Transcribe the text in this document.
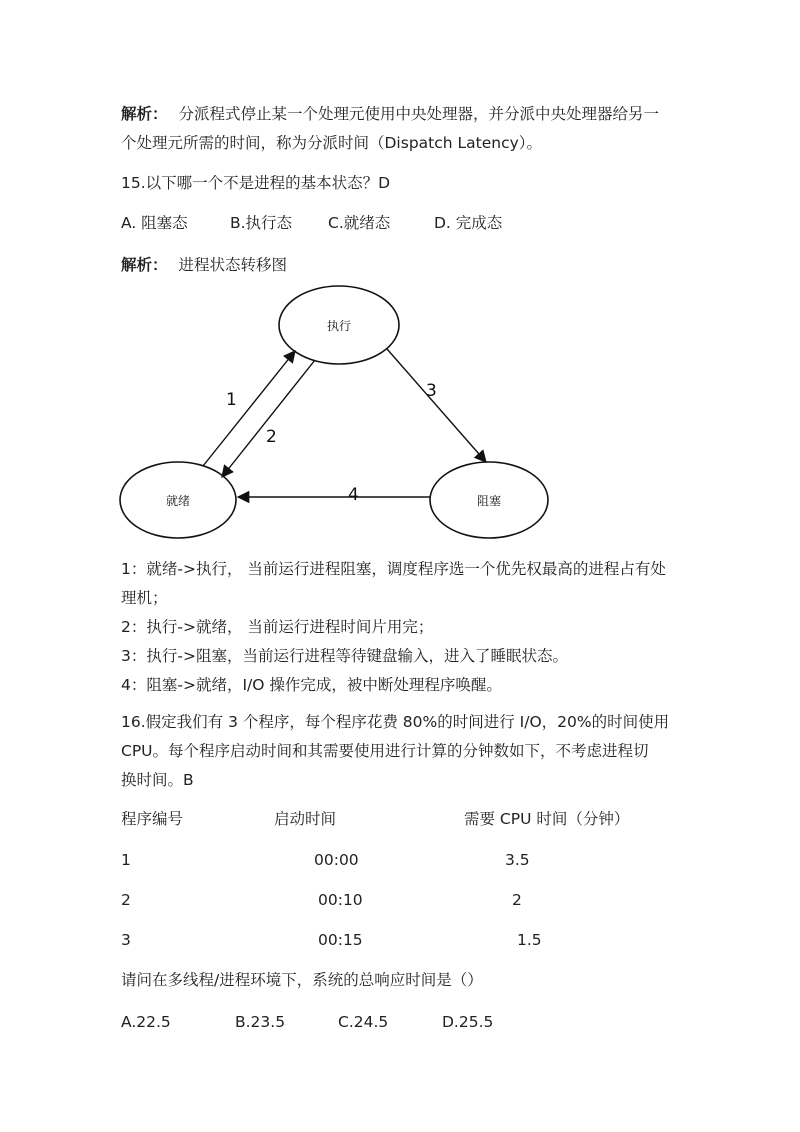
解析： 分派程式停止某一个处理元使用中央处理器，并分派中央处理器给另一
个处理元所需的时间，称为分派时间（Dispatch Latency）。
15.以下哪一个不是进程的基本状态？D
A. 阻塞态	B.执行态 C.就绪态	D. 完成态
解析： 进程状态转移图
执行
就绪	阻塞
1
2
3
4
1：就绪->执行， 当前运行进程阻塞，调度程序选一个优先权最高的进程占有处
理机；
2：执行->就绪， 当前运行进程时间片用完；
3：执行->阻塞，当前运行进程等待键盘输入，进入了睡眠状态。
4：阻塞->就绪，I/O 操作完成，被中断处理程序唤醒。
16.假定我们有 3 个程序，每个程序花费 80%的时间进行 I/O，20%的时间使用
CPU。每个程序启动时间和其需要使用进行计算的分钟数如下，不考虑进程切
换时间。B
程序编号	启动时间	需要 CPU 时间（分钟）
1	00:00	3.5
2	00:10	2
3	00:15	1.5
请问在多线程/进程环境下，系统的总响应时间是（）
A.22.5	B.23.5	C.24.5	D.25.5
